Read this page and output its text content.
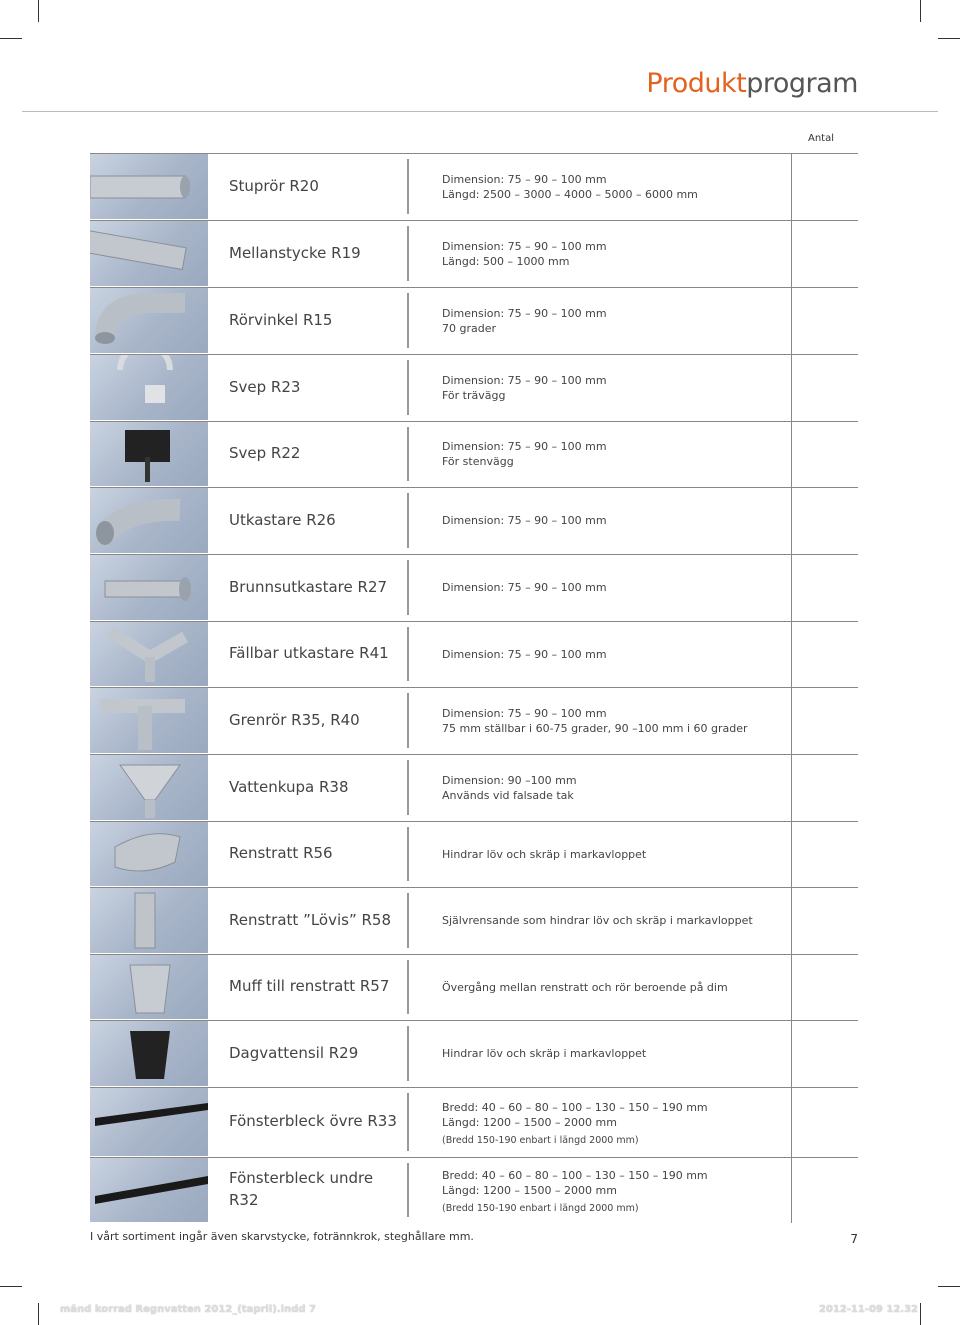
Produktprogram
Antal
Stuprör R20	Dimension: 75 – 90 – 100 mm
Längd: 2500 – 3000 – 4000 – 5000 – 6000 mm
Mellanstycke R19	Dimension: 75 – 90 – 100 mm
Längd: 500 – 1000 mm
Rörvinkel R15	Dimension: 75 – 90 – 100 mm
70 grader
Svep R23	Dimension: 75 – 90 – 100 mm
För trävägg
Svep R22	Dimension: 75 – 90 – 100 mm
För stenvägg
Utkastare R26	Dimension: 75 – 90 – 100 mm
Brunnsutkastare R27	Dimension: 75 – 90 – 100 mm
Fällbar utkastare R41	Dimension: 75 – 90 – 100 mm
Grenrör R35, R40	Dimension: 75 – 90 – 100 mm
75 mm ställbar i 60-75 grader, 90 –100 mm i 60 grader
Vattenkupa R38	Dimension: 90 –100 mm
Används vid falsade tak
Renstratt R56	Hindrar löv och skräp i markavloppet
Renstratt ”Lövis” R58	Självrensande som hindrar löv och skräp i markavloppet
Muff till renstratt R57	Övergång mellan renstratt och rör beroende på dim
Dagvattensil R29	Hindrar löv och skräp i markavloppet
Fönsterbleck övre R33
Bredd: 40 – 60 – 80 – 100 – 130 – 150 – 190 mm
Längd: 1200 – 1500 – 2000 mm
(Bredd 150-190 enbart i längd 2000 mm)
Fönsterbleck undre R32
Bredd: 40 – 60 – 80 – 100 – 130 – 150 – 190 mm
Längd: 1200 – 1500 – 2000 mm
(Bredd 150-190 enbart i längd 2000 mm)
I vårt sortiment ingår även skarvstycke, fotrännkrok, steghållare mm.	7
mänd korrad Regnvatten 2012_(tapril).indd 7	2012-11-09 12.32
